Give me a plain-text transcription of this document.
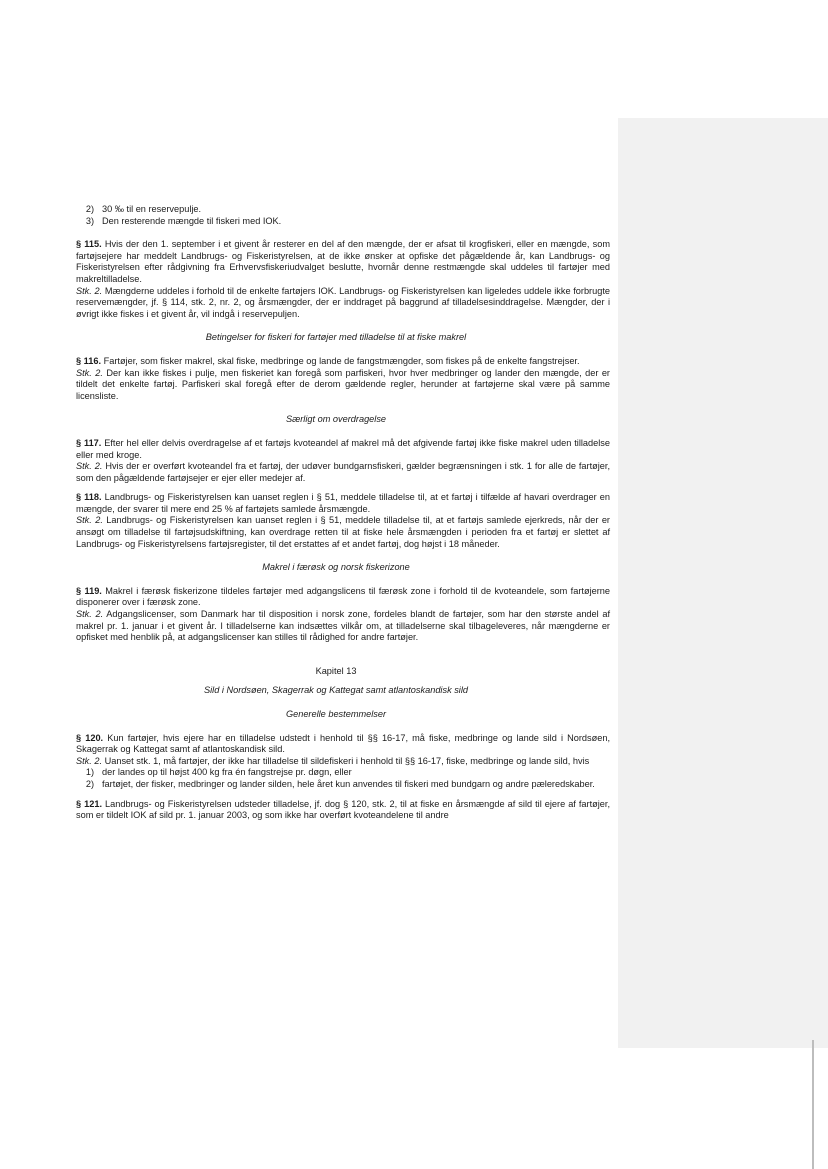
2) 30 ‰ til en reservepulje.
3) Den resterende mængde til fiskeri med IOK.

§ 115. Hvis der den 1. september i et givent år resterer en del af den mængde, der er afsat til krogfiskeri, eller en mængde, som fartøjsejere har meddelt Landbrugs- og Fiskeristyrelsen, at de ikke ønsker at opfiske det pågældende år, kan Landbrugs- og Fiskeristyrelsen efter rådgivning fra Erhvervsfiskeriudvalget beslutte, hvornår denne restmængde skal uddeles til fartøjer med makreltilladelse.

Stk. 2. Mængderne uddeles i forhold til de enkelte fartøjers IOK. Landbrugs- og Fiskeristyrelsen kan ligeledes uddele ikke forbrugte reservemængder, jf. § 114, stk. 2, nr. 2, og årsmængder, der er inddraget på baggrund af tilladelsesinddragelse. Mængder, der i øvrigt ikke fiskes i et givent år, vil indgå i reservepuljen.

Betingelser for fiskeri for fartøjer med tilladelse til at fiske makrel

§ 116. Fartøjer, som fisker makrel, skal fiske, medbringe og lande de fangstmængder, som fiskes på de enkelte fangstrejser.

Stk. 2. Der kan ikke fiskes i pulje, men fiskeriet kan foregå som parfiskeri, hvor hver medbringer og lander den mængde, der er tildelt det enkelte fartøj. Parfiskeri skal foregå efter de derom gældende regler, herunder at fartøjerne skal være på samme licensliste.

Særligt om overdragelse

§ 117. Efter hel eller delvis overdragelse af et fartøjs kvoteandel af makrel må det afgivende fartøj ikke fiske makrel uden tilladelse eller med kroge.

Stk. 2. Hvis der er overført kvoteandel fra et fartøj, der udøver bundgarnsfiskeri, gælder begrænsningen i stk. 1 for alle de fartøjer, som den pågældende fartøjsejer er ejer eller medejer af.

§ 118. Landbrugs- og Fiskeristyrelsen kan uanset reglen i § 51, meddele tilladelse til, at et fartøj i tilfælde af havari overdrager en mængde, der svarer til mere end 25 % af fartøjets samlede årsmængde.

Stk. 2. Landbrugs- og Fiskeristyrelsen kan uanset reglen i § 51, meddele tilladelse til, at et fartøjs samlede ejerkreds, når der er ansøgt om tilladelse til fartøjsudskiftning, kan overdrage retten til at fiske hele årsmængden i perioden fra et fartøj er slettet af Landbrugs- og Fiskeristyrelsens fartøjsregister, til det erstattes af et andet fartøj, dog højst i 18 måneder.

Makrel i færøsk og norsk fiskerizone

§ 119. Makrel i færøsk fiskerizone tildeles fartøjer med adgangslicens til færøsk zone i forhold til de kvoteandele, som fartøjerne disponerer over i færøsk zone.

Stk. 2. Adgangslicenser, som Danmark har til disposition i norsk zone, fordeles blandt de fartøjer, som har den største andel af makrel pr. 1. januar i et givent år. I tilladelserne kan indsættes vilkår om, at tilladelserne skal tilbageleveres, når mængderne er opfisket med henblik på, at adgangslicenser kan stilles til rådighed for andre fartøjer.

Kapitel 13

Sild i Nordsøen, Skagerrak og Kattegat samt atlantoskandisk sild

Generelle bestemmelser

§ 120. Kun fartøjer, hvis ejere har en tilladelse udstedt i henhold til §§ 16-17, må fiske, medbringe og lande sild i Nordsøen, Skagerrak og Kattegat samt af atlantoskandisk sild.

Stk. 2. Uanset stk. 1, må fartøjer, der ikke har tilladelse til sildefiskeri i henhold til §§ 16-17, fiske, medbringe og lande sild, hvis

1) der landes op til højst 400 kg fra én fangstrejse pr. døgn, eller
2) fartøjet, der fisker, medbringer og lander silden, hele året kun anvendes til fiskeri med bundgarn og andre pæleredskaber.

§ 121. Landbrugs- og Fiskeristyrelsen udsteder tilladelse, jf. dog § 120, stk. 2, til at fiske en årsmængde af sild til ejere af fartøjer, som er tildelt IOK af sild pr. 1. januar 2003, og som ikke har overført kvoteandelene til andre
